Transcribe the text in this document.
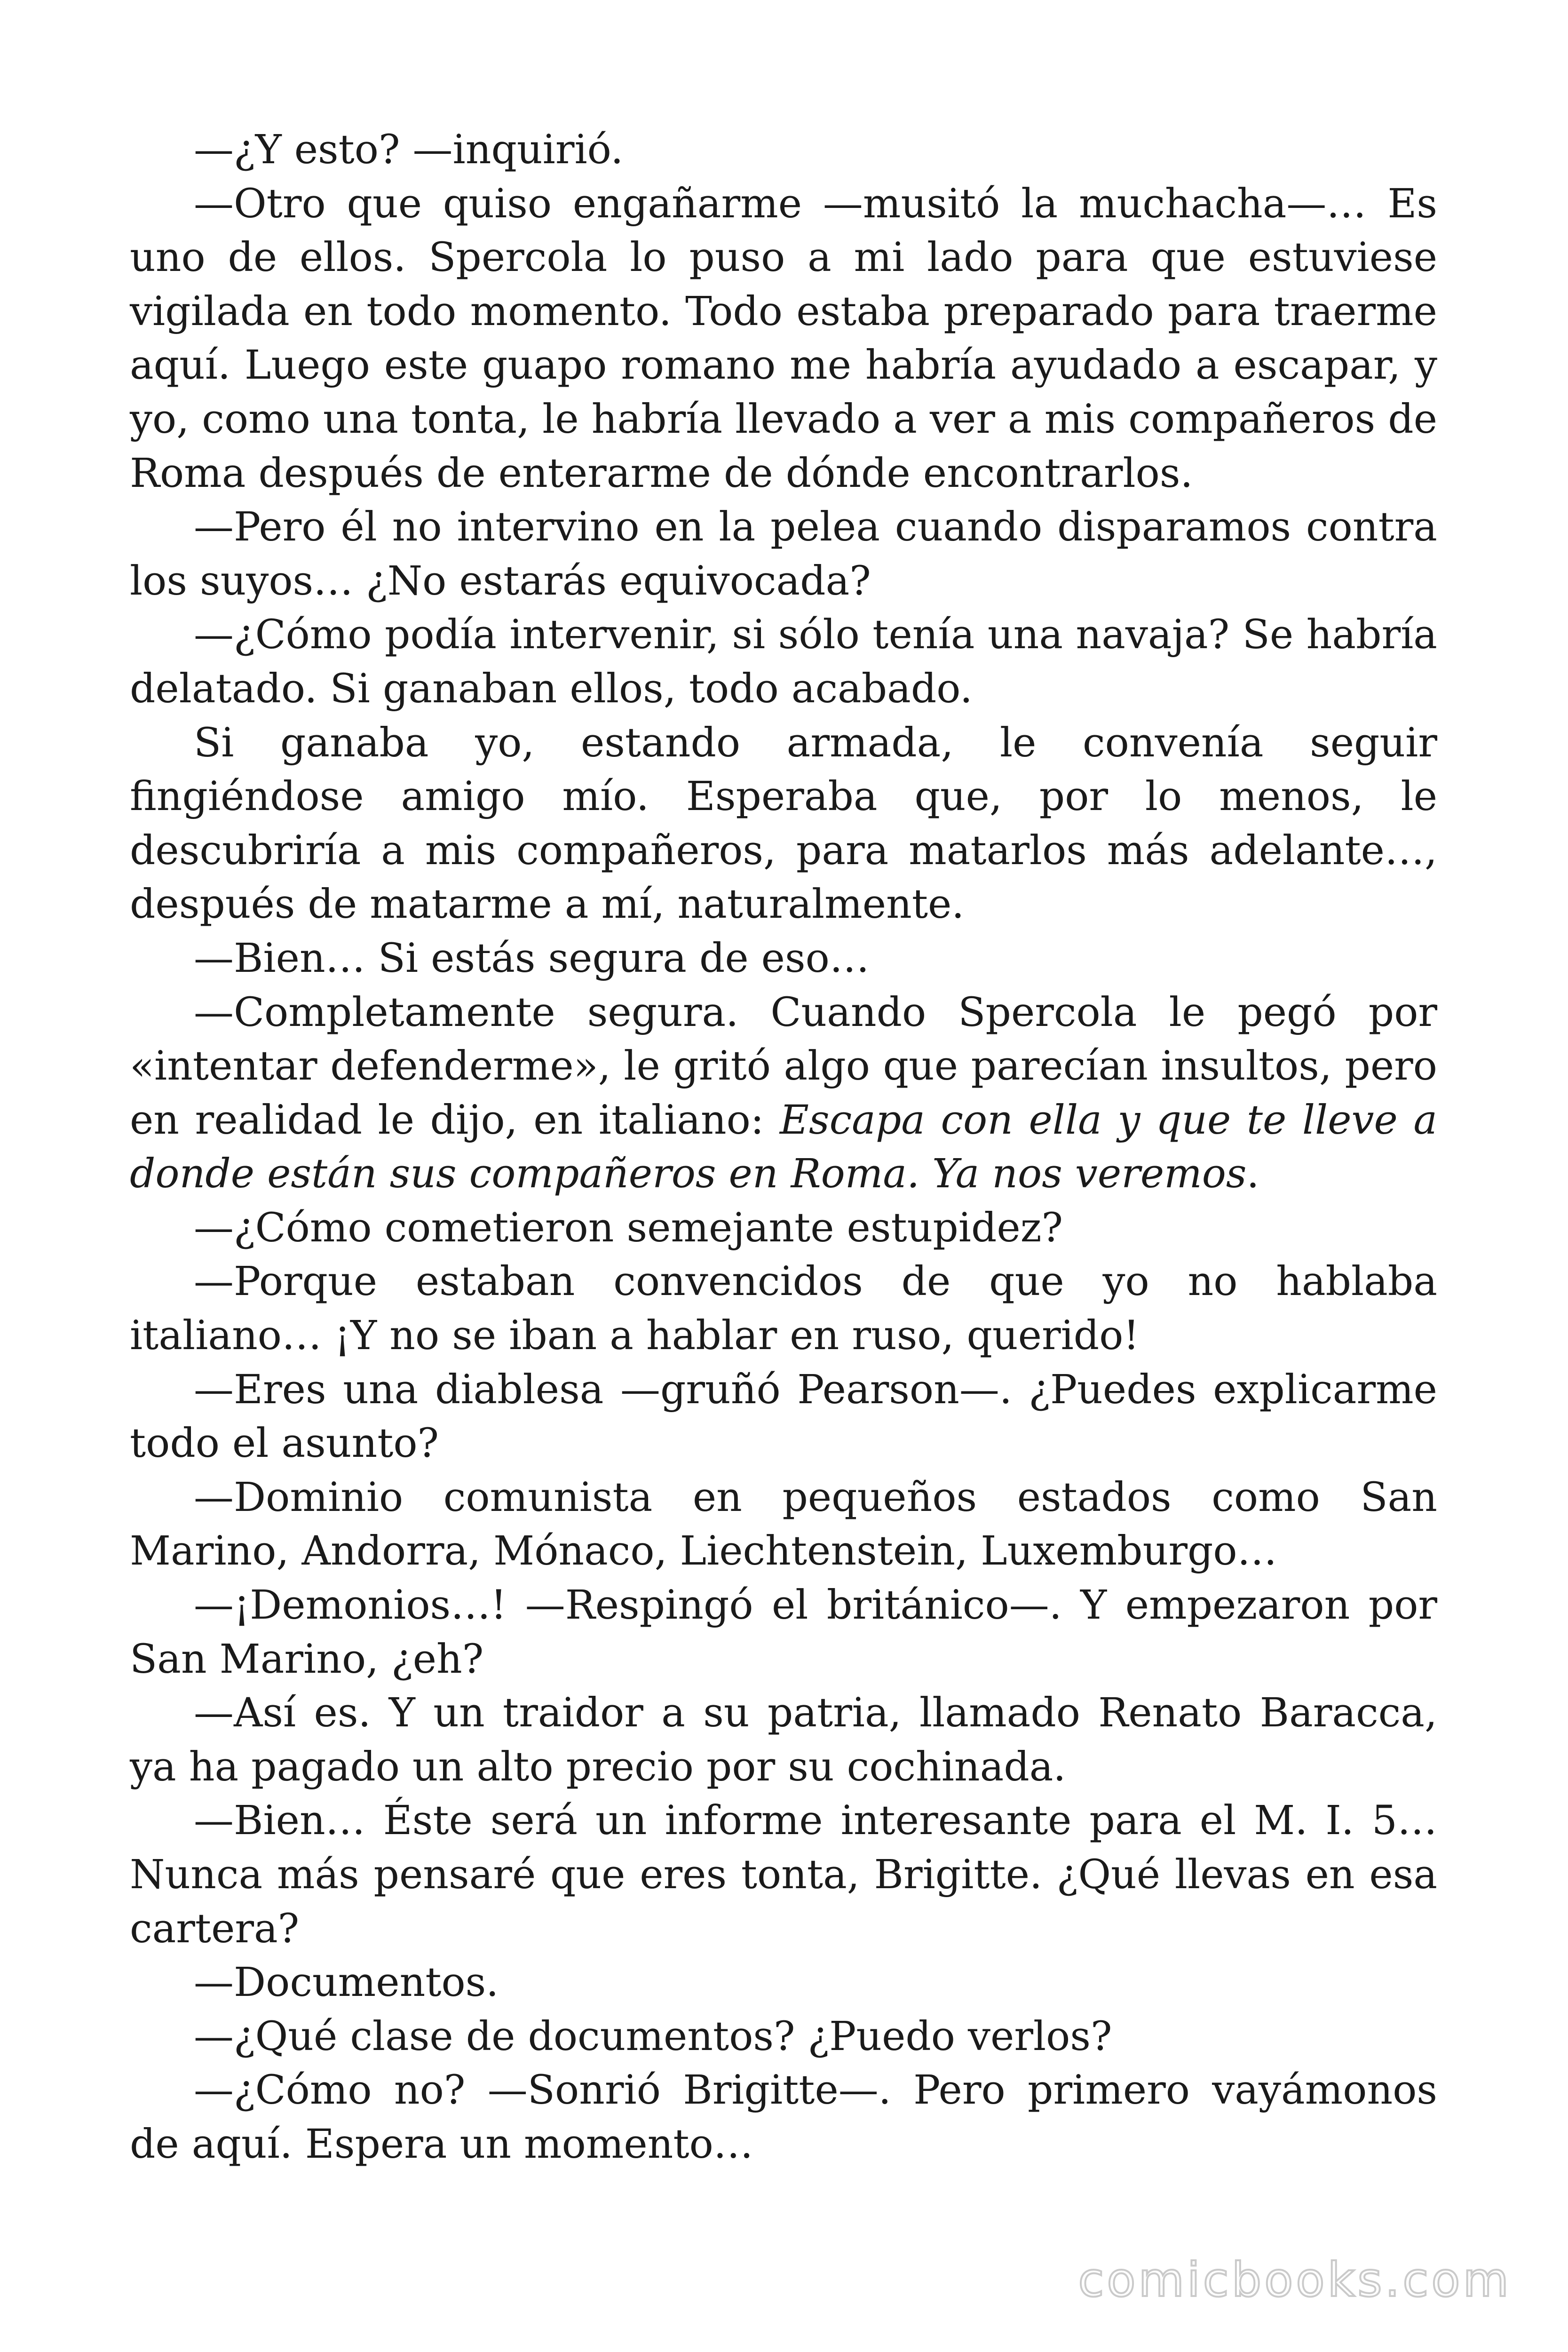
—¿Y esto? —inquirió.

—Otro que quiso engañarme —musitó la muchacha—… Es uno de ellos. Spercola lo puso a mi lado para que estuviese vigilada en todo momento. Todo estaba preparado para traerme aquí. Luego este guapo romano me habría ayudado a escapar, y yo, como una tonta, le habría llevado a ver a mis compañeros de Roma después de enterarme de dónde encontrarlos.

—Pero él no intervino en la pelea cuando disparamos contra los suyos… ¿No estarás equivocada?

—¿Cómo podía intervenir, si sólo tenía una navaja? Se habría delatado. Si ganaban ellos, todo acabado.

Si ganaba yo, estando armada, le convenía seguir fingiéndose amigo mío. Esperaba que, por lo menos, le descubriría a mis compañeros, para matarlos más adelante…, después de matarme a mí, naturalmente.

—Bien… Si estás segura de eso…

—Completamente segura. Cuando Spercola le pegó por «intentar defenderme», le gritó algo que parecían insultos, pero en realidad le dijo, en italiano: Escapa con ella y que te lleve a donde están sus compañeros en Roma. Ya nos veremos.

—¿Cómo cometieron semejante estupidez?

—Porque estaban convencidos de que yo no hablaba italiano… ¡Y no se iban a hablar en ruso, querido!

—Eres una diablesa —gruñó Pearson—. ¿Puedes explicarme todo el asunto?

—Dominio comunista en pequeños estados como San Marino, Andorra, Mónaco, Liechtenstein, Luxemburgo…

—¡Demonios…! —Respingó el británico—. Y empezaron por San Marino, ¿eh?

—Así es. Y un traidor a su patria, llamado Renato Baracca, ya ha pagado un alto precio por su cochinada.

—Bien… Éste será un informe interesante para el M. I. 5… Nunca más pensaré que eres tonta, Brigitte. ¿Qué llevas en esa cartera?

—Documentos.

—¿Qué clase de documentos? ¿Puedo verlos?

—¿Cómo no? —Sonrió Brigitte—. Pero primero vayámonos de aquí. Espera un momento…

comicbooks.com
